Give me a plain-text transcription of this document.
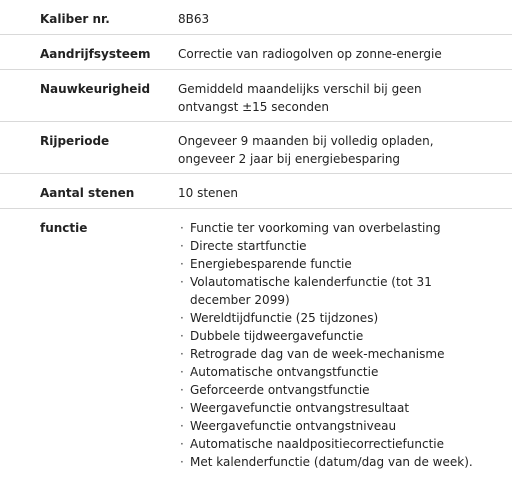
Kaliber nr.	8B63
Aandrijfsysteem	Correctie van radiogolven op zonne-energie
Nauwkeurigheid	Gemiddeld maandelijks verschil bij geen ontvangst ±15 seconden
Rijperiode	Ongeveer 9 maanden bij volledig opladen, ongeveer 2 jaar bij energiebesparing
Aantal stenen	10 stenen
functie
·	Functie ter voorkoming van overbelasting
· Directe startfunctie
· Energiebesparende functie
· Volautomatische kalenderfunctie (tot 31 december 2099)
· Wereldtijdfunctie (25 tijdzones)
· Dubbele tijdweergavefunctie
· Retrograde dag van de week-mechanisme
· Automatische ontvangstfunctie
· Geforceerde ontvangstfunctie
· Weergavefunctie ontvangstresultaat
· Weergavefunctie ontvangstniveau
· Automatische naaldpositiecorrectiefunctie
· Met kalenderfunctie (datum/dag van de week).
